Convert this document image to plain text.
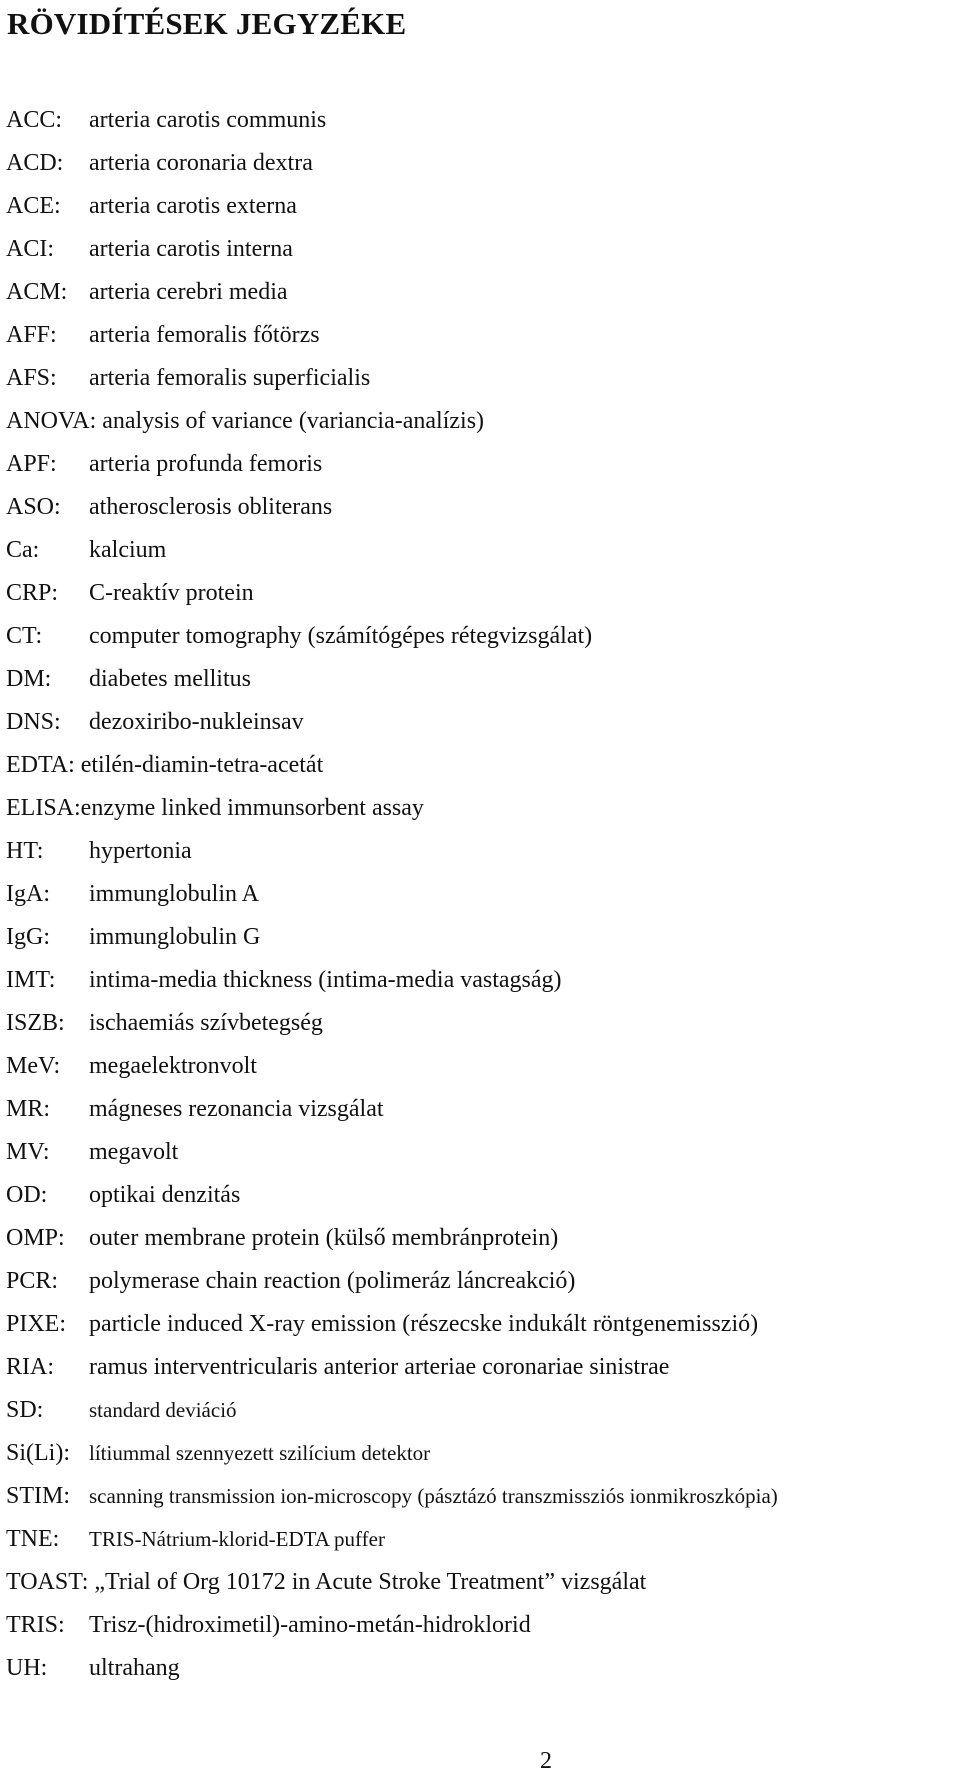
RÖVIDÍTÉSEK JEGYZÉKE
ACC: arteria carotis communis
ACD: arteria coronaria dextra
ACE: arteria carotis externa
ACI: arteria carotis interna
ACM: arteria cerebri media
AFF: arteria femoralis főtörzs
AFS: arteria femoralis superficialis
ANOVA: analysis of variance (variancia-analízis)
APF: arteria profunda femoris
ASO: atherosclerosis obliterans
Ca: kalcium
CRP: C-reaktív protein
CT: computer tomography (számítógépes rétegvizsgálat)
DM: diabetes mellitus
DNS: dezoxiribo-nukleinsav
EDTA: etilén-diamin-tetra-acetát
ELISA:enzyme linked immunsorbent assay
HT: hypertonia
IgA: immunglobulin A
IgG: immunglobulin G
IMT: intima-media thickness (intima-media vastagság)
ISZB: ischaemiás szívbetegség
MeV: megaelektronvolt
MR: mágneses rezonancia vizsgálat
MV: megavolt
OD: optikai denzitás
OMP: outer membrane protein (külső membránprotein)
PCR: polymerase chain reaction (polimeráz láncreakció)
PIXE: particle induced X-ray emission (részecske indukált röntgenemisszió)
RIA: ramus interventricularis anterior arteriae coronariae sinistrae
SD: standard deviáció
Si(Li): lítiummal szennyezett szilícium detektor
STIM: scanning transmission ion-microscopy (pásztázó transzmissziós ionmikroszkópia)
TNE: TRIS-Nátrium-klorid-EDTA puffer
TOAST: „Trial of Org 10172 in Acute Stroke Treatment” vizsgálat
TRIS: Trisz-(hidroximetil)-amino-metán-hidroklorid
UH: ultrahang
2
